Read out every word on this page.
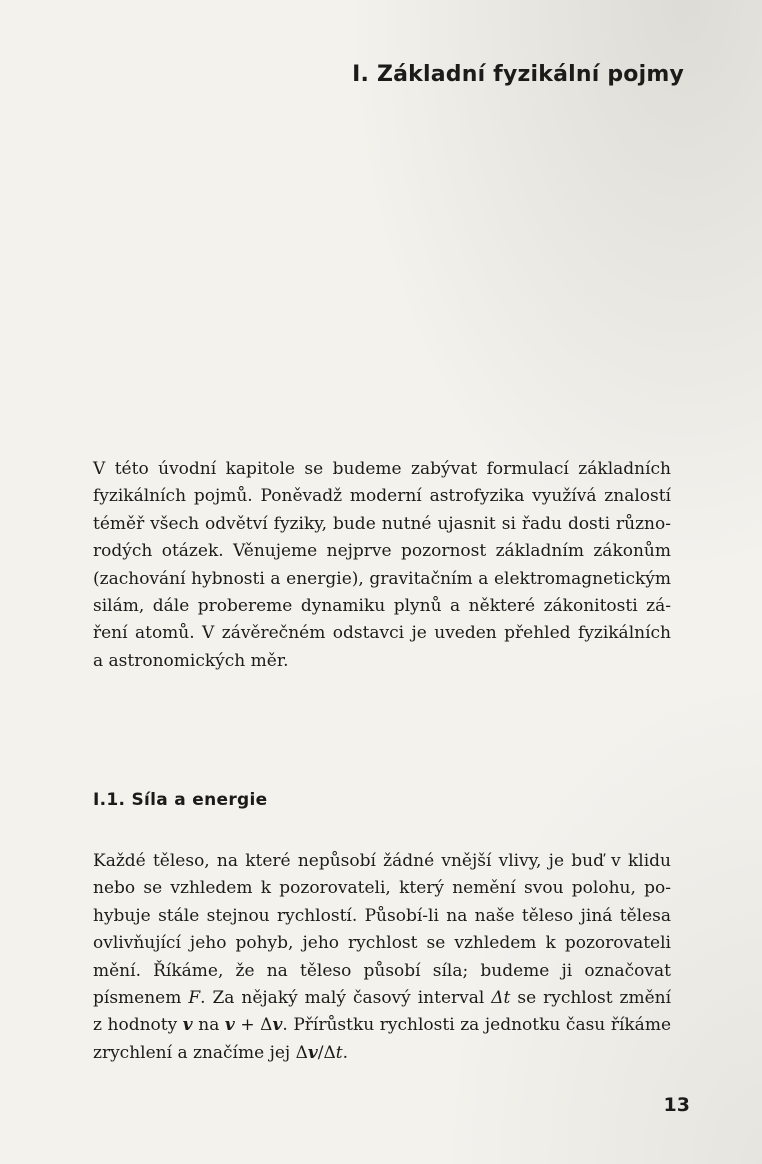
I. Základní fyzikální pojmy
V této úvodní kapitole se budeme zabývat formulací základních
fyzikálních pojmů. Poněvadž moderní astrofyzika využívá znalostí
téměř všech odvětví fyziky, bude nutné ujasnit si řadu dosti různo-
rodých otázek. Věnujeme nejprve pozornost základním zákonům
(zachování hybnosti a energie), gravitačním a elektromagnetickým
silám, dále probereme dynamiku plynů a některé zákonitosti zá-
ření atomů. V závěrečném odstavci je uveden přehled fyzikálních
a astronomických měr.
I.1. Síla a energie
Každé těleso, na které nepůsobí žádné vnější vlivy, je buď v klidu
nebo se vzhledem k pozorovateli, který nemění svou polohu, po-
hybuje stále stejnou rychlostí. Působí-li na naše těleso jiná tělesa
ovlivňující jeho pohyb, jeho rychlost se vzhledem k pozorovateli
mění. Říkáme, že na těleso působí síla; budeme ji označovat
písmenem F. Za nějaký malý časový interval Δt se rychlost změní
z hodnoty v na v + Δv. Přírůstku rychlosti za jednotku času říkáme
zrychlení a značíme jej Δv/Δt.
13
